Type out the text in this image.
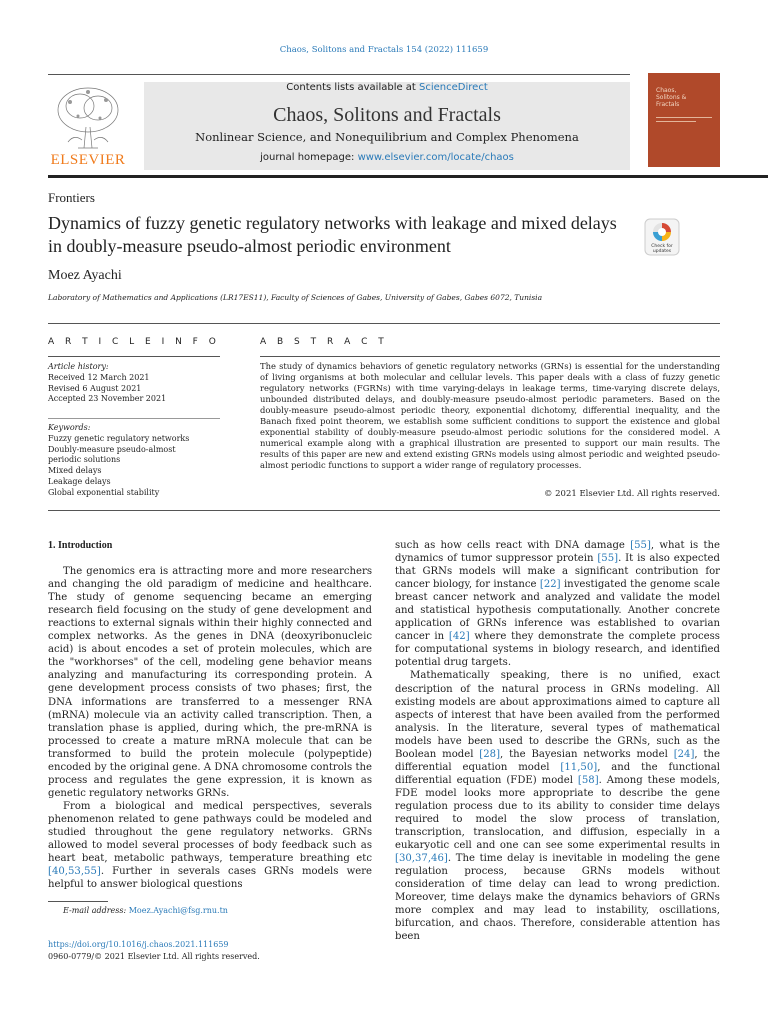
Chaos, Solitons and Fractals 154 (2022) 111659
Contents lists available at ScienceDirect
Chaos, Solitons and Fractals
Nonlinear Science, and Nonequilibrium and Complex Phenomena
journal homepage: www.elsevier.com/locate/chaos
ELSEVIER
Chaos, Solitons & Fractals
Frontiers
Dynamics of fuzzy genetic regulatory networks with leakage and mixed delays in doubly-measure pseudo-almost periodic environment	Check for updates
Moez Ayachi
Laboratory of Mathematics and Applications (LR17ES11), Faculty of Sciences of Gabes, University of Gabes, Gabes 6072, Tunisia
A R T I C L E I N F O	A B S T R A C T
Article history:
Received 12 March 2021
Revised 6 August 2021
Accepted 23 November 2021
Keywords:
Fuzzy genetic regulatory networks
Doubly-measure pseudo-almost periodic solutions
Mixed delays
Leakage delays
Global exponential stability
The study of dynamics behaviors of genetic regulatory networks (GRNs) is essential for the understanding of living organisms at both molecular and cellular levels. This paper deals with a class of fuzzy genetic regulatory networks (FGRNs) with time varying-delays in leakage terms, time-varying discrete delays, unbounded distributed delays, and doubly-measure pseudo-almost periodic parameters. Based on the doubly-measure pseudo-almost periodic theory, exponential dichotomy, differential inequality, and the Banach fixed point theorem, we establish some sufficient conditions to support the existence and global exponential stability of doubly-measure pseudo-almost periodic solutions for the considered model. A numerical example along with a graphical illustration are presented to support our main results. The results of this paper are new and extend existing GRNs models using almost periodic and weighted pseudo-almost periodic functions to support a wider range of regulatory processes.
© 2021 Elsevier Ltd. All rights reserved.
1. Introduction

The genomics era is attracting more and more researchers and changing the old paradigm of medicine and healthcare. The study of genome sequencing became an emerging research field focusing on the study of gene development and reactions to external signals within their highly connected and complex networks. As the genes in DNA (deoxyribonucleic acid) is about encodes a set of protein molecules, which are the "workhorses" of the cell, modeling gene behavior means analyzing and manufacturing its corresponding protein. A gene development process consists of two phases; first, the DNA informations are transferred to a messenger RNA (mRNA) molecule via an activity called transcription. Then, a translation phase is applied, during which, the pre-mRNA is processed to create a mature mRNA molecule that can be transformed to build the protein molecule (polypeptide) encoded by the original gene. A DNA chromosome controls the process and regulates the gene expression, it is known as genetic regulatory networks GRNs.

From a biological and medical perspectives, severals phenomenon related to gene pathways could be modeled and studied throughout the gene regulatory networks. GRNs allowed to model several processes of body feedback such as heart beat, metabolic pathways, temperature breathing etc [40,53,55]. Further in severals cases GRNs models were helpful to answer biological questions

such as how cells react with DNA damage [55], what is the dynamics of tumor suppressor protein [55]. It is also expected that GRNs models will make a significant contribution for cancer biology, for instance [22] investigated the genome scale breast cancer network and analyzed and validate the model and statistical hypothesis computationally. Another concrete application of GRNs inference was established to ovarian cancer in [42] where they demonstrate the complete process for computational systems in biology research, and identified potential drug targets.

Mathematically speaking, there is no unified, exact description of the natural process in GRNs modeling. All existing models are about approximations aimed to capture all aspects of interest that have been availed from the performed analysis. In the literature, several types of mathematical models have been used to describe the GRNs, such as the Boolean model [28], the Bayesian networks model [24], the differential equation model [11,50], and the functional differential equation (FDE) model [58]. Among these models, FDE model looks more appropriate to describe the gene regulation process due to its ability to consider time delays required to model the slow process of translation, transcription, translocation, and diffusion, especially in a eukaryotic cell and one can see some experimental results in [30,37,46]. The time delay is inevitable in modeling the gene regulation process, because GRNs models without consideration of time delay can lead to wrong prediction. Moreover, time delays make the dynamics behaviors of GRNs more complex and may lead to instability, oscillations, bifurcation, and chaos. Therefore, considerable attention has been

E-mail address: Moez.Ayachi@fsg.rnu.tn
https://doi.org/10.1016/j.chaos.2021.111659
0960-0779/© 2021 Elsevier Ltd. All rights reserved.
